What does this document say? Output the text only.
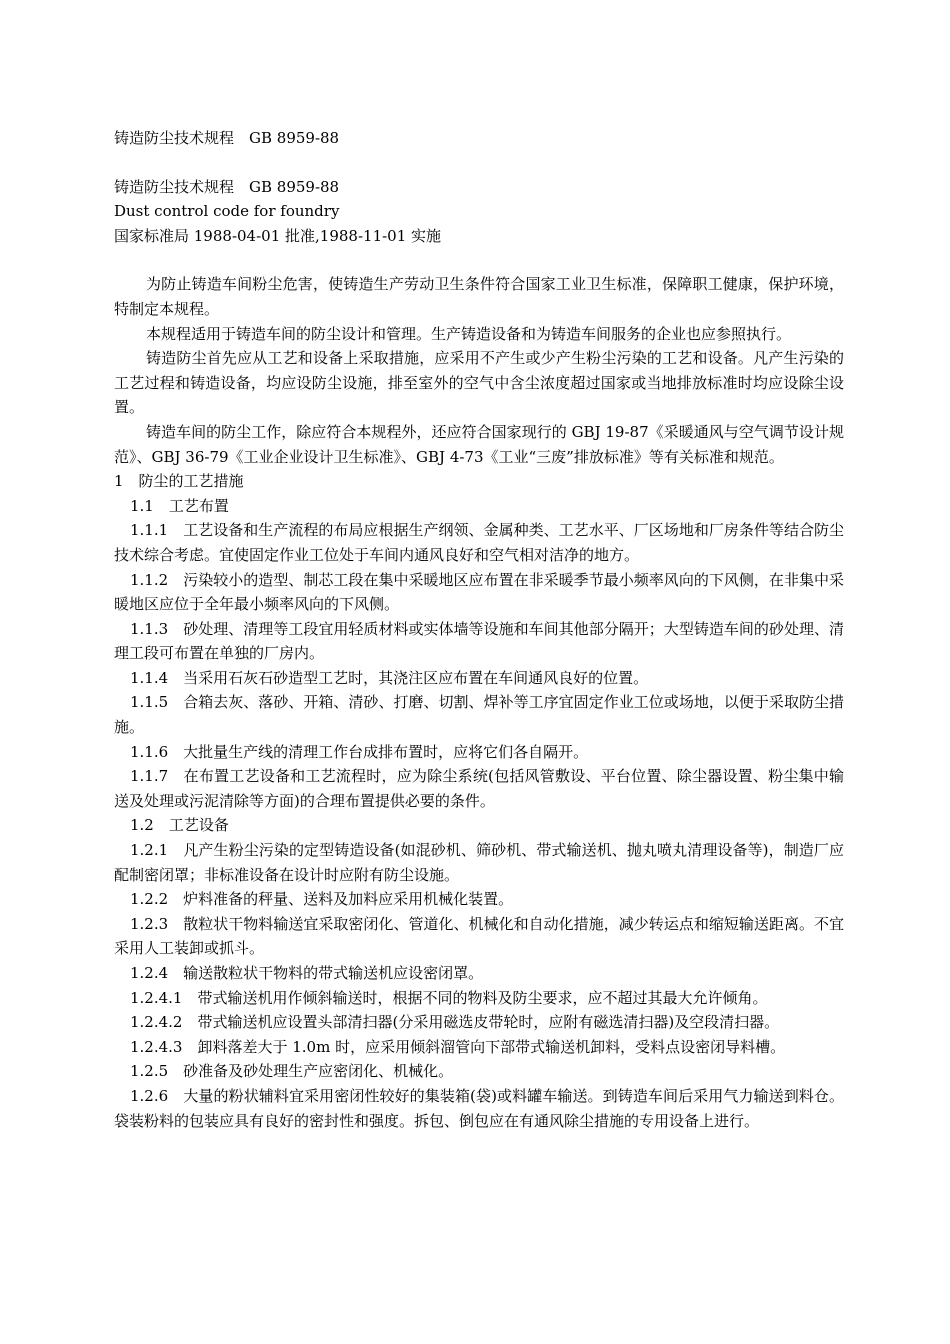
铸造防尘技术规程　GB 8959-88
铸造防尘技术规程　GB 8959-88
Dust control code for foundry
国家标准局 1988-04-01 批准,1988-11-01 实施

为防止铸造车间粉尘危害，使铸造生产劳动卫生条件符合国家工业卫生标准，保障职工健康，保护环境，特制定本规程。

本规程适用于铸造车间的防尘设计和管理。生产铸造设备和为铸造车间服务的企业也应参照执行。

铸造防尘首先应从工艺和设备上采取措施，应采用不产生或少产生粉尘污染的工艺和设备。凡产生污染的工艺过程和铸造设备，均应设防尘设施，排至室外的空气中含尘浓度超过国家或当地排放标准时均应设除尘设置。

铸造车间的防尘工作，除应符合本规程外，还应符合国家现行的 GBJ 19-87《采暖通风与空气调节设计规范》、GBJ 36-79《工业企业设计卫生标准》、GBJ 4-73《工业“三废”排放标准》等有关标准和规范。

1　防尘的工艺措施

1.1　工艺布置

1.1.1　工艺设备和生产流程的布局应根据生产纲领、金属种类、工艺水平、厂区场地和厂房条件等结合防尘技术综合考虑。宜使固定作业工位处于车间内通风良好和空气相对洁净的地方。

1.1.2　污染较小的造型、制芯工段在集中采暖地区应布置在非采暖季节最小频率风向的下风侧，在非集中采暖地区应位于全年最小频率风向的下风侧。

1.1.3　砂处理、清理等工段宜用轻质材料或实体墙等设施和车间其他部分隔开；大型铸造车间的砂处理、清理工段可布置在单独的厂房内。

1.1.4　当采用石灰石砂造型工艺时，其浇注区应布置在车间通风良好的位置。

1.1.5　合箱去灰、落砂、开箱、清砂、打磨、切割、焊补等工序宜固定作业工位或场地，以便于采取防尘措施。

1.1.6　大批量生产线的清理工作台成排布置时，应将它们各自隔开。

1.1.7　在布置工艺设备和工艺流程时，应为除尘系统(包括风管敷设、平台位置、除尘器设置、粉尘集中输送及处理或污泥清除等方面)的合理布置提供必要的条件。

1.2　工艺设备

1.2.1　凡产生粉尘污染的定型铸造设备(如混砂机、筛砂机、带式输送机、抛丸喷丸清理设备等)，制造厂应配制密闭罩；非标准设备在设计时应附有防尘设施。

1.2.2　炉料准备的秤量、送料及加料应采用机械化装置。

1.2.3　散粒状干物料输送宜采取密闭化、管道化、机械化和自动化措施，减少转运点和缩短输送距离。不宜采用人工装卸或抓斗。

1.2.4　输送散粒状干物料的带式输送机应设密闭罩。

1.2.4.1　带式输送机用作倾斜输送时，根据不同的物料及防尘要求，应不超过其最大允许倾角。

1.2.4.2　带式输送机应设置头部清扫器(分采用磁选皮带轮时，应附有磁选清扫器)及空段清扫器。

1.2.4.3　卸料落差大于 1.0m 时，应采用倾斜溜管向下部带式输送机卸料，受料点设密闭导料槽。

1.2.5　砂准备及砂处理生产应密闭化、机械化。

1.2.6　大量的粉状辅料宜采用密闭性较好的集装箱(袋)或料罐车输送。到铸造车间后采用气力输送到料仓。袋装粉料的包装应具有良好的密封性和强度。拆包、倒包应在有通风除尘措施的专用设备上进行。
